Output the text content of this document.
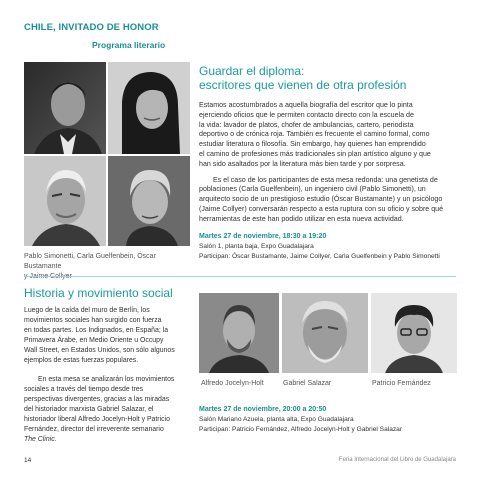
CHILE, INVITADO DE HONOR
Programa literario
Pablo Simonetti, Carla Guelfenbein, Óscar Bustamante
Guardar el diploma:
escritores que vienen de otra profesión

Estamos acostumbrados a aquella biografía del escritor que lo pinta

ejerciendo oficios que le permiten contacto directo con la escuela de

la vida: lavador de platos, chofer de ambulancias, cartero, periodista

deportivo o de crónica roja. También es frecuente el camino formal, como

estudiar literatura o filosofía. Sin embargo, hay quienes han emprendido

el camino de profesiones más tradicionales sin plan artístico alguno y que

han sido asaltados por la literatura más bien tarde y por sorpresa.

Es el caso de los participantes de esta mesa redonda: una genetista de

poblaciones (Carla Guelfenbein), un ingeniero civil (Pablo Simonetti), un

arquitecto socio de un prestigioso estudio (Óscar Bustamante) y un psicólogo

(Jaime Collyer) conversarán respecto a esta ruptura con su oficio y sobre qué

herramientas de este han podido utilizar en esta nueva actividad.

Martes 27 de noviembre, 18:30 a 19:20
Salón 1, planta baja, Expo Guadalajara
Participan: Óscar Bustamante, Jaime Collyer, Carla Guelfenbein y Pablo Simonetti
Historia y movimiento social

Luego de la caída del muro de Berlín, los

movimientos sociales han surgido con fuerza

en todas partes. Los Indignados, en España; la

Primavera Árabe, en Medio Oriente u Occupy

Wall Street, en Estados Unidos, son sólo algunos

ejemplos de estas fuerzas populares.

En esta mesa se analizarán los movimientos

sociales a través del tiempo desde tres

perspectivas divergentes, gracias a las miradas

del historiador marxista Gabriel Salazar, el

historiador liberal Alfredo Jocelyn-Holt y Patricio

Fernández, director del irreverente semanario

The Clinic.

Alfredo Jocelyn-Holt	Gabriel Salazar	Patricio Fernández
Martes 27 de noviembre, 20:00 a 20:50
Salón Mariano Azuela, planta alta, Expo Guadalajara
Participan: Patricio Fernández, Alfredo Jocelyn-Holt y Gabriel Salazar
14	Feria Internacional del Libro de Guadalajara
